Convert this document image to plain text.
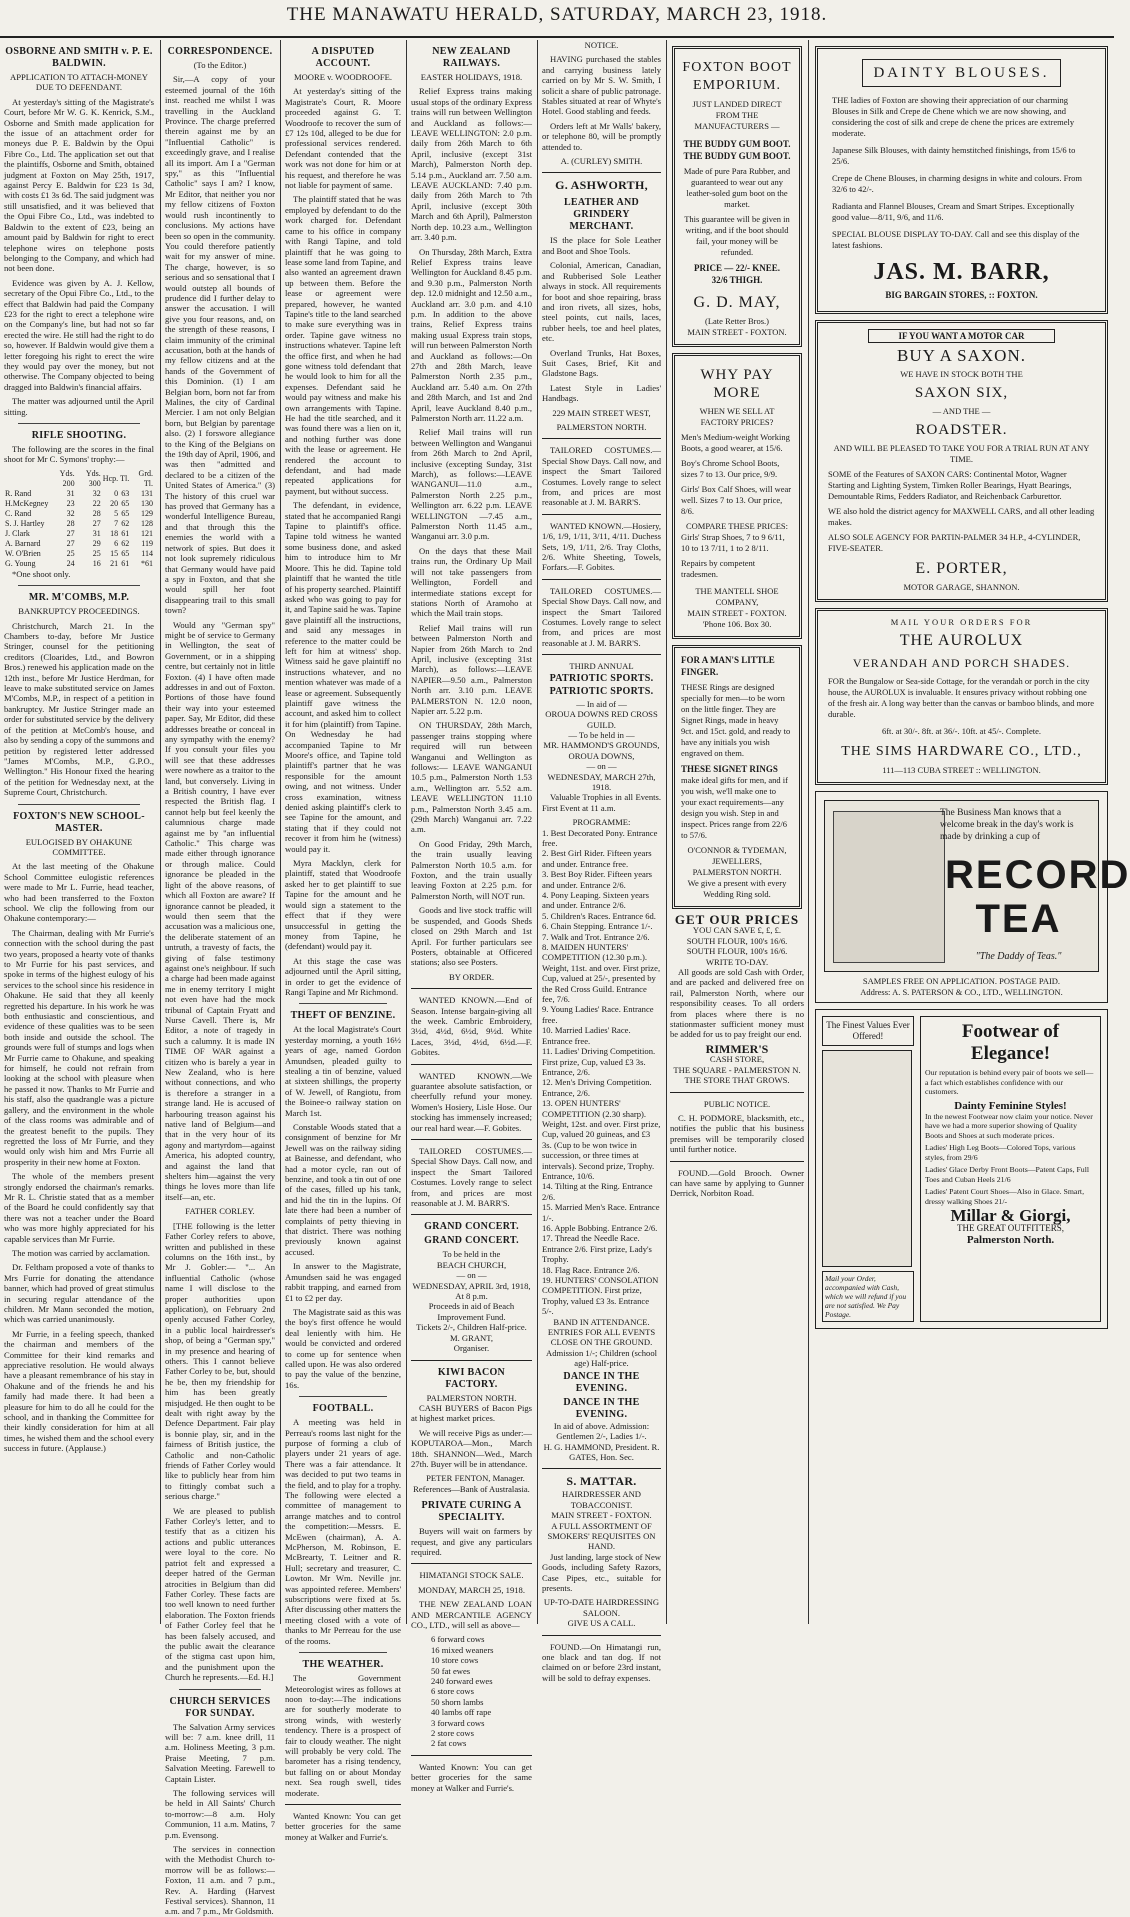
THE MANAWATU HERALD, SATURDAY, MARCH 23, 1918.
OSBORNE AND SMITH v. P. E. BALDWIN.
APPLICATION TO ATTACH-MONEY DUE TO DEFENDANT.

At yesterday's sitting of the Magistrate's Court, before Mr W. G. K. Kenrick, S.M., Osborne and Smith made application for the issue of an attachment order for moneys due P. E. Baldwin by the Opui Fibre Co., Ltd. The application set out that the plaintiffs, Osborne and Smith, obtained judgment at Foxton on May 25th, 1917, against Percy E. Baldwin for £23 1s 3d, with costs £1 3s 6d. The said judgment was still unsatisfied, and it was believed that the Opui Fibre Co., Ltd., was indebted to Baldwin to the extent of £23, being an amount paid by Baldwin for right to erect telephone wires on telephone posts belonging to the Company, and which had not been done.

Evidence was given by A. J. Kellow, secretary of the Opui Fibre Co., Ltd., to the effect that Baldwin had paid the Company £23 for the right to erect a telephone wire on the Company's line, but had not so far erected the wire. He still had the right to do so, however. If Baldwin would give them a letter foregoing his right to erect the wire they would pay over the money, but not otherwise. The Company objected to being dragged into Baldwin's financial affairs.

The matter was adjourned until the April sitting.

RIFLE SHOOTING.

The following are the scores in the final shoot for Mr C. Symons' trophy:—

	Yds. 200	Yds. 300	Hcp.	Tl.	Grd. Tl.
R. Rand	31	32	0	63	131
H.McKegney	23	22	20	65	130
C. Rand	32	28	5	65	129
S. J. Hartley	28	27	7	62	128
J. Clark	27	31	18	61	121
A. Barnard	27	29	6	62	119
W. O'Brien	25	25	15	65	114
G. Young	24	16	21	61	*61

*One shoot only.

MR. M'COMBS, M.P.
BANKRUPTCY PROCEEDINGS.

Christchurch, March 21. In the Chambers to-day, before Mr Justice Stringer, counsel for the petitioning creditors (Cloarides, Ltd., and Bowron Bros.) renewed his application made on the 12th inst., before Mr Justice Herdman, for leave to make substituted service on James M'Combs, M.P., in respect of a petition in bankruptcy. Mr Justice Stringer made an order for substituted service by the delivery of the petition at McComb's house, and also by sending a copy of the summons and petition by registered letter addressed "James M'Combs, M.P., G.P.O., Wellington." His Honour fixed the hearing of the petition for Wednesday next, at the Supreme Court, Christchurch.

FOXTON'S NEW SCHOOL-MASTER.
EULOGISED BY OHAKUNE COMMITTEE.

At the last meeting of the Ohakune School Committee eulogistic references were made to Mr L. Furrie, head teacher, who had been transferred to the Foxton school. We clip the following from our Ohakune contemporary:—

The Chairman, dealing with Mr Furrie's connection with the school during the past two years, proposed a hearty vote of thanks to Mr Furrie for his past services, and spoke in terms of the highest eulogy of his services to the school since his residence in Ohakune. He said that they all keenly regretted his departure. In his work he was both enthusiastic and conscientious, and evidence of these qualities was to be seen both inside and outside the school. The grounds were full of stumps and logs when Mr Furrie came to Ohakune, and speaking for himself, he could not refrain from looking at the school with pleasure when he passed it now. Thanks to Mr Furrie and his staff, also the quadrangle was a picture gallery, and the environment in the whole of the class rooms was admirable and of the greatest benefit to the pupils. They regretted the loss of Mr Furrie, and they would only wish him and Mrs Furrie all prosperity in their new home at Foxton.

The whole of the members present strongly endorsed the chairman's remarks. Mr R. L. Christie stated that as a member of the Board he could confidently say that there was not a teacher under the Board who was more highly appreciated for his capable services than Mr Furrie.

The motion was carried by acclamation.

Dr. Feltham proposed a vote of thanks to Mrs Furrie for donating the attendance banner, which had proved of great stimulus in securing regular attendance of the children. Mr Mann seconded the motion, which was carried unanimously.

Mr Furrie, in a feeling speech, thanked the chairman and members of the Committee for their kind remarks and appreciative resolution. He would always have a pleasant remembrance of his stay in Ohakune and of the friends he and his family had made there. It had been a pleasure for him to do all he could for the school, and in thanking the Committee for their kindly consideration for him at all times, he wished them and the school every success in future. (Applause.)

CORRESPONDENCE.
(To the Editor.)

Sir,—A copy of your esteemed journal of the 16th inst. reached me whilst I was travelling in the Auckland Province. The charge preferred therein against me by an "Influential Catholic" is exceedingly grave, and I realise all its import. Am I a "German spy," as this "Influential Catholic" says I am? I know, Mr Editor, that neither you nor my fellow citizens of Foxton would rush incontinently to conclusions. My actions have been so open in the community. You could therefore patiently wait for my answer of mine. The charge, however, is so serious and so sensational that I would outstep all bounds of prudence did I further delay to answer the accusation. I will give you four reasons, and, on the strength of these reasons, I claim immunity of the criminal accusation, both at the hands of my fellow citizens and at the hands of the Government of this Dominion. (1) I am Belgian born, born not far from Malines, the city of Cardinal Mercier. I am not only Belgian born, but Belgian by parentage also. (2) I forswore allegiance to the King of the Belgians on the 19th day of April, 1906, and was then "admitted and declared to be a citizen of the United States of America." (3) The history of this cruel war has proved that Germany has a wonderful Intelligence Bureau, and that through this the enemies the world with a network of spies. But does it not look supremely ridiculous that Germany would have paid a spy in Foxton, and that she would spill her foot disappearing trail to this small town?

Would any "German spy" might be of service to Germany in Wellington, the seat of Government, or in a shipping centre, but certainly not in little Foxton. (4) I have often made addresses in and out of Foxton. Portions of those have found their way into your esteemed paper. Say, Mr Editor, did these addresses breathe or conceal in any sympathy with the enemy? If you consult your files you will see that these addresses were nowhere as a traitor to the land, but conversely. Living in a British country, I have ever respected the British flag. I cannot help but feel keenly the calumnious charge made against me by "an influential Catholic." This charge was made either through ignorance or through malice. Could ignorance be pleaded in the light of the above reasons, of which all Foxton are aware? If ignorance cannot be pleaded, it would then seem that the accusation was a malicious one, the deliberate statement of an untruth, a travesty of facts, the giving of false testimony against one's neighbour. If such a charge had been made against me in enemy territory I might not even have had the mock tribunal of Captain Fryatt and Nurse Cavell. There is, Mr Editor, a note of tragedy in such a calumny. It is made IN TIME OF WAR against a citizen who is barely a year in New Zealand, who is here without connections, and who is therefore a stranger in a strange land. He is accused of harbouring treason against his native land of Belgium—and that in the very hour of its agony and martyrdom—against America, his adopted country, and against the land that shelters him—against the very things he loves more than life itself—an, etc.

FATHER CORLEY.

[THE following is the letter Father Corley refers to above, written and published in these columns on the 16th inst., by Mr J. Gobler:— "... An influential Catholic (whose name I will disclose to the proper authorities upon application), on February 2nd openly accused Father Corley, in a public local hairdresser's shop, of being a "German spy," in my presence and hearing of others. This I cannot believe Father Corley to be, but, should he be, then my friendship for him has been greatly misjudged. He then ought to be dealt with right away by the Defence Department. Fair play is bonnie play, sir, and in the fairness of British justice, the Catholic and non-Catholic friends of Father Corley would like to publicly hear from him to fittingly combat such a serious charge."

We are pleased to publish Father Corley's letter, and to testify that as a citizen his actions and public utterances were loyal to the core. No patriot felt and expressed a deeper hatred of the German atrocities in Belgium than did Father Corley. These facts are too well known to need further elaboration. The Foxton friends of Father Corley feel that he has been falsely accused, and the public await the clearance of the stigma cast upon him, and the punishment upon the Church he represents.—Ed. H.]

CHURCH SERVICES FOR SUNDAY.

The Salvation Army services will be: 7 a.m. knee drill, 11 a.m. Holiness Meeting, 3 p.m. Praise Meeting, 7 p.m. Salvation Meeting. Farewell to Captain Lister.

The following services will be held in All Saints' Church to-morrow:—8 a.m. Holy Communion, 11 a.m. Matins, 7 p.m. Evensong.

The services in connection with the Methodist Church to-morrow will be as follows:—Foxton, 11 a.m. and 7 p.m., Rev. A. Harding (Harvest Festival services). Shannon, 11 a.m. and 7 p.m., Mr Goldsmith.

A DISPUTED ACCOUNT.
MOORE v. WOODROOFE.

At yesterday's sitting of the Magistrate's Court, R. Moore proceeded against G. T. Woodroofe to recover the sum of £7 12s 10d, alleged to be due for professional services rendered. Defendant contended that the work was not done for him or at his request, and therefore he was not liable for payment of same.

The plaintiff stated that he was employed by defendant to do the work charged for. Defendant came to his office in company with Rangi Tapine, and told plaintiff that he was going to lease some land from Tapine, and also wanted an agreement drawn up between them. Before the lease or agreement were prepared, however, he wanted Tapine's title to the land searched to make sure everything was in order. Tapine gave witness no instructions whatever. Tapine left the office first, and when he had gone witness told defendant that he would look to him for all the expenses. Defendant said he would pay witness and make his own arrangements with Tapine. He had the title searched, and it was found there was a lien on it, and nothing further was done with the lease or agreement. He rendered the account to defendant, and had made repeated applications for payment, but without success.

The defendant, in evidence, stated that he accompanied Rangi Tapine to plaintiff's office. Tapine told witness he wanted some business done, and asked him to introduce him to Mr Moore. This he did. Tapine told plaintiff that he wanted the title of his property searched. Plaintiff asked who was going to pay for it, and Tapine said he was. Tapine gave plaintiff all the instructions, and said any messages in reference to the matter could be left for him at witness' shop. Witness said he gave plaintiff no instructions whatever, and no mention whatever was made of a lease or agreement. Subsequently plaintiff gave witness the account, and asked him to collect it for him (plaintiff) from Tapine. On Wednesday he had accompanied Tapine to Mr Moore's office, and Tapine told plaintiff's partner that he was responsible for the amount owing, and not witness. Under cross examination, witness denied asking plaintiff's clerk to see Tapine for the amount, and stating that if they could not recover it from him he (witness) would pay it.

Myra Macklyn, clerk for plaintiff, stated that Woodroofe asked her to get plaintiff to sue Tapine for the amount and he would sign a statement to the effect that if they were unsuccessful in getting the money from Tapine, he (defendant) would pay it.

At this stage the case was adjourned until the April sitting, in order to get the evidence of Rangi Tapine and Mr Richmond.

THEFT OF BENZINE.

At the local Magistrate's Court yesterday morning, a youth 16½ years of age, named Gordon Amundsen, pleaded guilty to stealing a tin of benzine, valued at sixteen shillings, the property of W. Jewell, of Rangiotu, from the Boinee-o railway station on March 1st.

Constable Woods stated that a consignment of benzine for Mr Jewell was on the railway siding at Bainesse, and defendant, who had a motor cycle, ran out of benzine, and took a tin out of one of the cases, filled up his tank, and hid the tin in the lupins. Of late there had been a number of complaints of petty thieving in that district. There was nothing previously known against accused.

In answer to the Magistrate, Amundsen said he was engaged rabbit trapping, and earned from £1 to £2 per day.

The Magistrate said as this was the boy's first offence he would deal leniently with him. He would be convicted and ordered to come up for sentence when called upon. He was also ordered to pay the value of the benzine, 16s.

FOOTBALL.

A meeting was held in Perreau's rooms last night for the purpose of forming a club of players under 21 years of age. There was a fair attendance. It was decided to put two teams in the field, and to play for a trophy. The following were elected a committee of management to arrange matches and to control the competition:—Messrs. E. McEwen (chairman), A. A. McPherson, M. Robinson, E. McBrearty, T. Leitner and R. Hull; secretary and treasurer, C. Lowton. Mr Wm. Neville jnr. was appointed referee. Members' subscriptions were fixed at 5s. After discussing other matters the meeting closed with a vote of thanks to Mr Perreau for the use of the rooms.

THE WEATHER.

The Government Meteorologist wires as follows at noon to-day:—The indications are for southerly moderate to strong winds, with westerly tendency. There is a prospect of fair to cloudy weather. The night will probably be very cold. The barometer has a rising tendency, but falling on or about Monday next. Sea rough swell, tides moderate.

Wanted Known: You can get better groceries for the same money at Walker and Furrie's.

NEW ZEALAND RAILWAYS.
EASTER HOLIDAYS, 1918.

Relief Express trains making usual stops of the ordinary Express trains will run between Wellington and Auckland as follows:— LEAVE WELLINGTON: 2.0 p.m. daily from 26th March to 6th April, inclusive (except 31st March), Palmerston North dep. 5.14 p.m., Auckland arr. 7.50 a.m. LEAVE AUCKLAND: 7.40 p.m. daily from 26th March to 7th April, inclusive (except 30th March and 6th April), Palmerston North dep. 10.23 a.m., Wellington arr. 3.40 p.m.

On Thursday, 28th March, Extra Relief Express trains leave Wellington for Auckland 8.45 p.m. and 9.30 p.m., Palmerston North dep. 12.0 midnight and 12.50 a.m., Auckland arr. 3.0 p.m. and 4.10 p.m. In addition to the above trains, Relief Express trains making usual Express train stops, will run between Palmerston North and Auckland as follows:—On 27th and 28th March, leave Palmerston North 2.35 p.m., Auckland arr. 5.40 a.m. On 27th and 28th March, and 1st and 2nd April, leave Auckland 8.40 p.m., Palmerston North arr. 11.22 a.m.

Relief Mail trains will run between Wellington and Wanganui from 26th March to 2nd April, inclusive (excepting Sunday, 31st March), as follows:—LEAVE WANGANUI—11.0 a.m., Palmerston North 2.25 p.m., Wellington arr. 6.22 p.m. LEAVE WELLINGTON —7.45 a.m., Palmerston North 11.45 a.m., Wanganui arr. 3.0 p.m.

On the days that these Mail trains run, the Ordinary Up Mail will not take passengers from Wellington, Fordell and intermediate stations except for stations North of Aramoho at which the Mail train stops.

Relief Mail trains will run between Palmerston North and Napier from 26th March to 2nd April, inclusive (excepting 31st March), as follows:—LEAVE NAPIER—9.50 a.m., Palmerston North arr. 3.10 p.m. LEAVE PALMERSTON N. 12.0 noon, Napier arr. 5.22 p.m.

ON THURSDAY, 28th March, passenger trains stopping where required will run between Wanganui and Wellington as follows:— LEAVE WANGANUI 10.5 p.m., Palmerston North 1.53 a.m., Wellington arr. 5.52 a.m. LEAVE WELLINGTON 11.10 p.m., Palmerston North 3.45 a.m. (29th March) Wanganui arr. 7.22 a.m.

On Good Friday, 29th March, the train usually leaving Palmerston North 10.5 a.m. for Foxton, and the train usually leaving Foxton at 2.25 p.m. for Palmerston North, will NOT run.

Goods and live stock traffic will be suspended, and Goods Sheds closed on 29th March and 1st April. For further particulars see Posters, obtainable at Officered stations; also see Posters.

BY ORDER.

WANTED KNOWN.—End of Season. Intense bargain-giving all the week. Cambric Embroidery, 3½d, 4½d, 6½d, 9½d. White Laces, 3½d, 4½d, 6½d.—F. Gobites.

WANTED KNOWN.—We guarantee absolute satisfaction, or cheerfully refund your money. Women's Hosiery, Lisle Hose. Our stocking has immensely increased; our real hard wear.—F. Gobites.

TAILORED COSTUMES.—Special Show Days. Call now, and inspect the Smart Tailored Costumes. Lovely range to select from, and prices are most reasonable at J. M. BARR'S.

GRAND CONCERT.
GRAND CONCERT.
To be held in the
BEACH CHURCH,
— on —
WEDNESDAY, APRIL 3rd, 1918,
At 8 p.m.
Proceeds in aid of Beach Improvement Fund.
Tickets 2/-, Children Half-price.
M. GRANT,
Organiser.
KIWI BACON FACTORY.
PALMERSTON NORTH.

CASH BUYERS of Bacon Pigs at highest market prices.

We will receive Pigs as under:— KOPUTAROA—Mon., March 18th. SHANNON—Wed., March 27th. Buyer will be in attendance.

PETER FENTON, Manager. References—Bank of Australasia.

PRIVATE CURING A SPECIALITY.

Buyers will wait on farmers by request, and give any particulars required.

HIMATANGI STOCK SALE.
MONDAY, MARCH 25, 1918.

THE NEW ZEALAND LOAN AND MERCANTILE AGENCY CO., LTD., will sell as above—

6 forward cows
16 mixed weaners
10 store cows
50 fat ewes
240 forward ewes
6 store cows
50 shorn lambs
40 lambs off rape
3 forward cows
2 store cows
2 fat cows

Wanted Known: You can get better groceries for the same money at Walker and Furrie's.

NOTICE.

HAVING purchased the stables and carrying business lately carried on by Mr S. W. Smith, I solicit a share of public patronage. Stables situated at rear of Whyte's Hotel. Good stabling and feeds.

Orders left at Mr Walls' bakery, or telephone 80, will be promptly attended to.

A. (CURLEY) SMITH.
G. ASHWORTH,
LEATHER AND GRINDERY MERCHANT.

IS the place for Sole Leather and Boot and Shoe Tools.

Colonial, American, Canadian, and Rubberised Sole Leather always in stock. All requirements for boot and shoe repairing, brass and iron rivets, all sizes, hobs, steel points, cut nails, laces, rubber heels, toe and heel plates, etc.

Overland Trunks, Hat Boxes, Suit Cases, Brief, Kit and Gladstone Bags.

Latest Style in Ladies' Handbags.

229 MAIN STREET WEST,
PALMERSTON NORTH.

TAILORED COSTUMES.—Special Show Days. Call now, and inspect the Smart Tailored Costumes. Lovely range to select from, and prices are most reasonable at J. M. BARR'S.

WANTED KNOWN.—Hosiery, 1/6, 1/9, 1/11, 3/11, 4/11. Duchess Sets, 1/9, 1/11, 2/6. Tray Cloths, 2/6. White Sheeting, Towels, Forfars.—F. Gobites.

TAILORED COSTUMES.—Special Show Days. Call now, and inspect the Smart Tailored Costumes. Lovely range to select from, and prices are most reasonable at J. M. BARR'S.

THIRD ANNUAL
PATRIOTIC SPORTS.
PATRIOTIC SPORTS.
— In aid of —
OROUA DOWNS RED CROSS GUILD.
— To be held in —
MR. HAMMOND'S GROUNDS, OROUA DOWNS,
— on —
WEDNESDAY, MARCH 27th, 1918.

Valuable Trophies in all Events. First Event at 11 a.m.

PROGRAMME:
1. Best Decorated Pony. Entrance free.
2. Best Girl Rider. Fifteen years and under. Entrance free.
3. Best Boy Rider. Fifteen years and under. Entrance 2/6.
4. Pony Leaping. Sixteen years and under. Entrance 2/6.
5. Children's Races. Entrance 6d.
6. Chain Stepping. Entrance 1/-.
7. Walk and Trot. Entrance 2/6.
8. MAIDEN HUNTERS' COMPETITION (12.30 p.m.). Weight, 11st. and over. First prize, Cup, valued at 25/-, presented by the Red Cross Guild. Entrance fee, 7/6.
9. Young Ladies' Race. Entrance free.
10. Married Ladies' Race. Entrance free.
11. Ladies' Driving Competition. First prize, Cup, valued £3 3s. Entrance, 2/6.
12. Men's Driving Competition. Entrance, 2/6.
13. OPEN HUNTERS' COMPETITION (2.30 sharp). Weight, 12st. and over. First prize, Cup, valued 20 guineas, and £3 3s. (Cup to be won twice in succession, or three times at intervals). Second prize, Trophy. Entrance, 10/6.
14. Tilting at the Ring. Entrance 2/6.
15. Married Men's Race. Entrance 1/-.
16. Apple Bobbing. Entrance 2/6.
17. Thread the Needle Race. Entrance 2/6. First prize, Lady's Trophy.
18. Flag Race. Entrance 2/6.
19. HUNTERS' CONSOLATION COMPETITION. First prize, Trophy, valued £3 3s. Entrance 5/-.
BAND IN ATTENDANCE.
ENTRIES FOR ALL EVENTS CLOSE ON THE GROUND.
Admission 1/-; Children (school age) Half-price.
DANCE IN THE EVENING.
DANCE IN THE EVENING.
In aid of above. Admission: Gentlemen 2/-, Ladies 1/-.
H. G. HAMMOND, President. R. GATES, Hon. Sec.
S. MATTAR.
HAIRDRESSER AND TOBACCONIST.
MAIN STREET - FOXTON.
A FULL ASSORTMENT OF SMOKERS' REQUISITES ON HAND.

Just landing, large stock of New Goods, including Safety Razors, Case Pipes, etc., suitable for presents.

UP-TO-DATE HAIRDRESSING SALOON.
GIVE US A CALL.

FOUND.—On Himatangi run, one black and tan dog. If not claimed on or before 23rd instant, will be sold to defray expenses.

FOXTON BOOT EMPORIUM.
JUST LANDED DIRECT FROM THE MANUFACTURERS —
THE BUDDY GUM BOOT.
THE BUDDY GUM BOOT.
Made of pure Para Rubber, and guaranteed to wear out any leather-soled gum boot on the market.
This guarantee will be given in writing, and if the boot should fail, your money will be refunded.
PRICE — 22/- KNEE.
32/6 THIGH.
G. D. MAY,
(Late Retter Bros.)
MAIN STREET - FOXTON.
WHY PAY MORE
WHEN WE SELL AT FACTORY PRICES?
Men's Medium-weight Working Boots, a good wearer, at 15/6.
Boy's Chrome School Boots, sizes 7 to 13. Our price, 9/9.
Girls' Box Calf Shoes, will wear well. Sizes 7 to 13. Our price, 8/6.
COMPARE THESE PRICES:
Girls' Strap Shoes, 7 to 9 6/11, 10 to 13 7/11, 1 to 2 8/11.
Repairs by competent tradesmen.
THE MANTELL SHOE COMPANY,
MAIN STREET - FOXTON.
'Phone 106. Box 30.
FOR A MAN'S LITTLE FINGER.
THESE Rings are designed specially for men—to be worn on the little finger. They are Signet Rings, made in heavy 9ct. and 15ct. gold, and ready to have any initials you wish engraved on them.
THESE SIGNET RINGS
make ideal gifts for men, and if you wish, we'll make one to your exact requirements—any design you wish. Step in and inspect. Prices range from 22/6 to 57/6.
O'CONNOR & TYDEMAN,
JEWELLERS,
PALMERSTON NORTH.
We give a present with every Wedding Ring sold.
GET OUR PRICES
YOU CAN SAVE £, £, £.
SOUTH FLOUR, 100's 16/6.
SOUTH FLOUR, 100's 16/6.
WRITE TO-DAY.

All goods are sold Cash with Order, and are packed and delivered free on rail, Palmerston North, where our responsibility ceases. To all orders from places where there is no stationmaster sufficient money must be added for us to pay freight our end.

RIMMER'S
CASH STORE,
THE SQUARE - PALMERSTON N.
THE STORE THAT GROWS.
PUBLIC NOTICE.

C. H. PODMORE, blacksmith, etc., notifies the public that his business premises will be temporarily closed until further notice.

FOUND.—Gold Brooch. Owner can have same by applying to Gunner Derrick, Norbiton Road.

DAINTY BLOUSES.
THE ladies of Foxton are showing their appreciation of our charming Blouses in Silk and Crepe de Chene which we are now showing, and considering the cost of silk and crepe de chene the prices are extremely moderate.
Japanese Silk Blouses, with dainty hemstitched finishings, from 15/6 to 25/6.
Crepe de Chene Blouses, in charming designs in white and colours. From 32/6 to 42/-.
Radianta and Flannel Blouses, Cream and Smart Stripes. Exceptionally good value—8/11, 9/6, and 11/6.
SPECIAL BLOUSE DISPLAY TO-DAY. Call and see this display of the latest fashions.
JAS. M. BARR,
BIG BARGAIN STORES, :: FOXTON.
IF YOU WANT A MOTOR CAR
BUY A SAXON.
WE HAVE IN STOCK BOTH THE
SAXON SIX,
— AND THE —
ROADSTER.
AND WILL BE PLEASED TO TAKE YOU FOR A TRIAL RUN AT ANY TIME.
SOME of the Features of SAXON CARS: Continental Motor, Wagner Starting and Lighting System, Timken Roller Bearings, Hyatt Bearings, Demountable Rims, Fedders Radiator, and Reichenback Carburettor.
WE also hold the district agency for MAXWELL CARS, and all other leading makes.
ALSO SOLE AGENCY FOR PARTIN-PALMER 34 H.P., 4-CYLINDER, FIVE-SEATER.
E. PORTER,
MOTOR GARAGE, SHANNON.
MAIL YOUR ORDERS FOR
THE AUROLUX
VERANDAH AND PORCH SHADES.
FOR the Bungalow or Sea-side Cottage, for the verandah or porch in the city house, the AUROLUX is invaluable. It ensures privacy without robbing one of the fresh air. A long way better than the canvas or bamboo blinds, and more durable.
6ft. at 30/-. 8ft. at 36/-. 10ft. at 45/-. Complete.
THE SIMS HARDWARE CO., LTD.,
111—113 CUBA STREET :: WELLINGTON.
The Business Man knows that a welcome break in the day's work is made by drinking a cup of
RECORD TEA
"The Daddy of Teas."
SAMPLES FREE ON APPLICATION. POSTAGE PAID.
Address: A. S. PATERSON & CO., LTD., WELLINGTON.
The Finest Values Ever Offered!
Mail your Order, accompanied with Cash, which we will refund if you are not satisfied. We Pay Postage.
Footwear of Elegance!
Our reputation is behind every pair of boots we sell—a fact which establishes confidence with our customers.
Dainty Feminine Styles!
In the newest Footwear now claim your notice. Never have we had a more superior showing of Quality Boots and Shoes at such moderate prices.
Ladies' High Leg Boots—Colored Tops, various styles, from 29/6
Ladies' Glace Derby Front Boots—Patent Caps, Full Toes and Cuban Heels 21/6
Ladies' Patent Court Shoes—Also in Glace. Smart, dressy walking Shoes 21/-
Millar & Giorgi,
THE GREAT OUTFITTERS,
Palmerston North.
